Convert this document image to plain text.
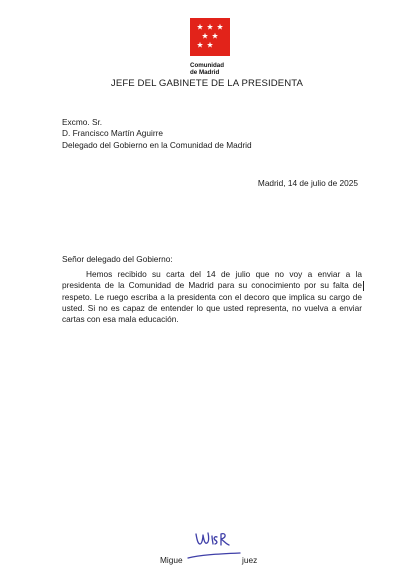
Comunidad
de Madrid
JEFE DEL GABINETE DE LA PRESIDENTA
Excmo. Sr.
D. Francisco Martín Aguirre
Delegado del Gobierno en la Comunidad de Madrid
Madrid, 14 de julio de 2025
Señor delegado del Gobierno:
Hemos recibido su carta del 14 de julio que no voy a enviar a la
presidenta de la Comunidad de Madrid para su conocimiento por su falta de
respeto. Le ruego escriba a la presidenta con el decoro que implica su cargo de
usted. Si no es capaz de entender lo que usted representa, no vuelva a enviar
cartas con esa mala educación.
Migue	juez
